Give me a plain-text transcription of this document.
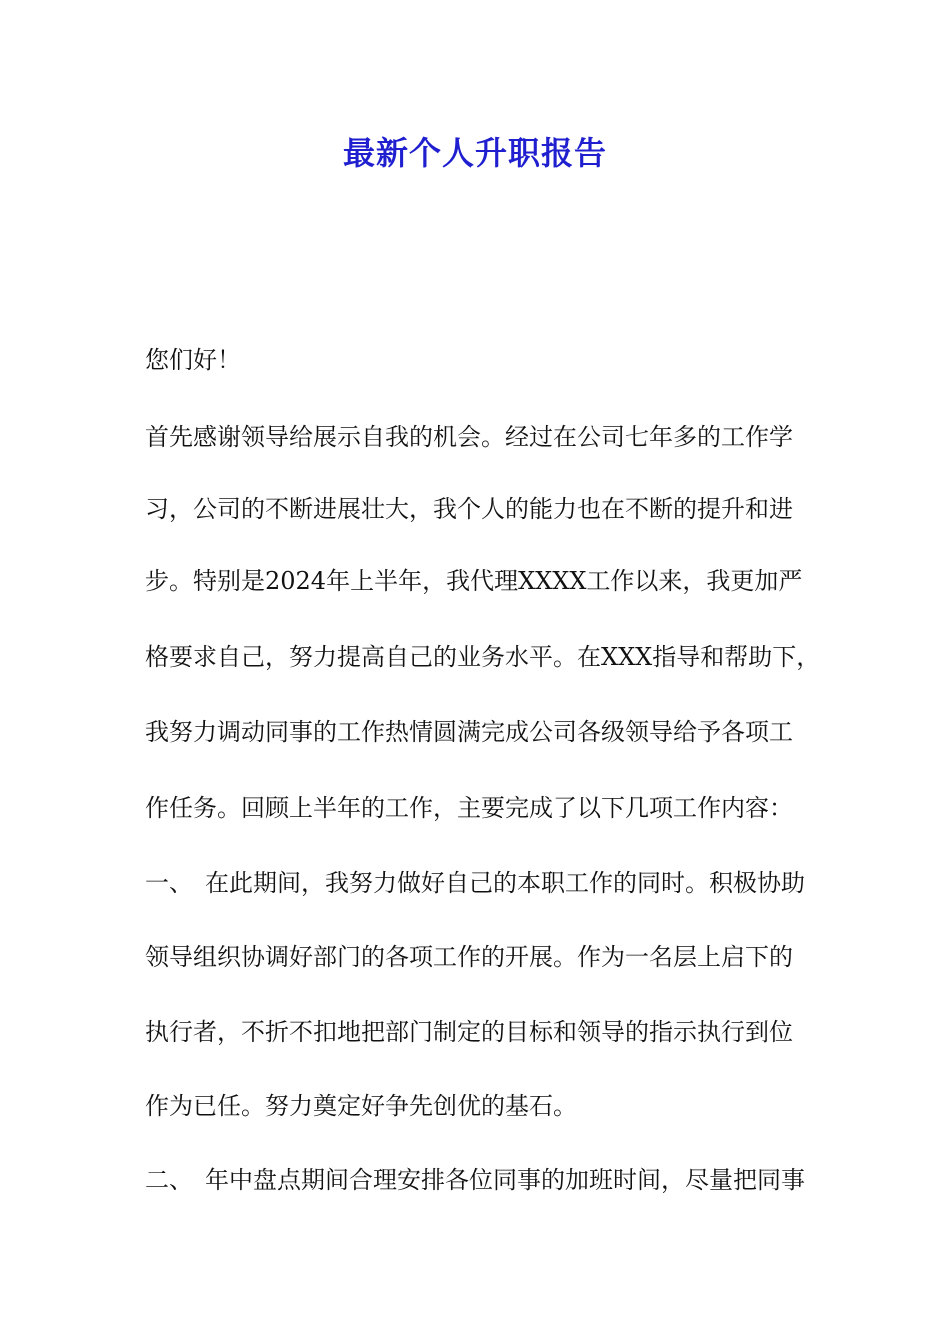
最新个人升职报告
您们好！
首先感谢领导给展示自我的机会。经过在公司七年多的工作学
习，公司的不断进展壮大，我个人的能力也在不断的提升和进
步。特别是2024年上半年，我代理XXXX工作以来，我更加严
格要求自己，努力提高自己的业务水平。在XXX指导和帮助下，
我努力调动同事的工作热情圆满完成公司各级领导给予各项工
作任务。回顾上半年的工作，主要完成了以下几项工作内容：
一、 在此期间，我努力做好自己的本职工作的同时。积极协助
领导组织协调好部门的各项工作的开展。作为一名层上启下的
执行者，不折不扣地把部门制定的目标和领导的指示执行到位
作为已任。努力奠定好争先创优的基石。
二、 年中盘点期间合理安排各位同事的加班时间，尽量把同事
